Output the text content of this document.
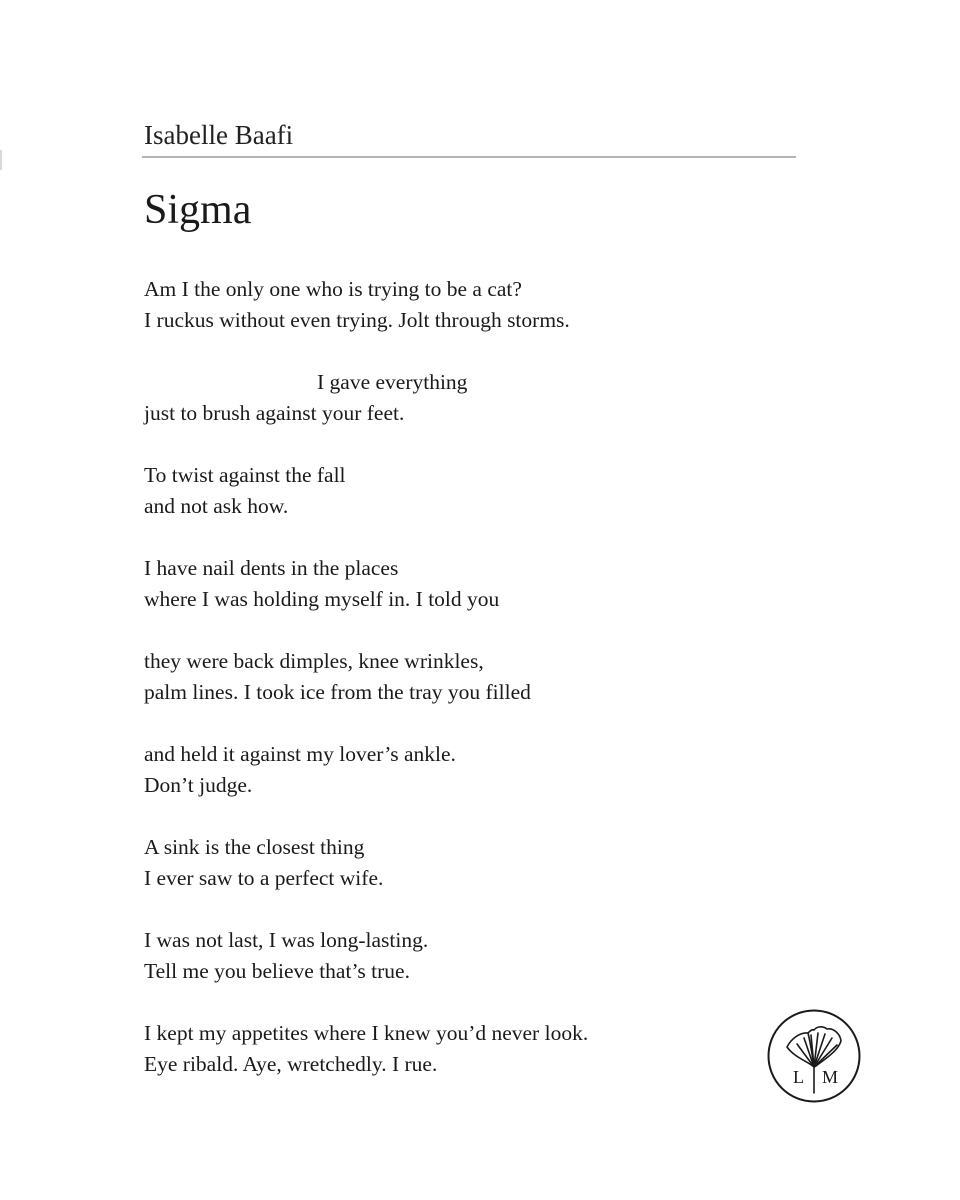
Isabelle Baafi
Sigma
Am I the only one who is trying to be a cat?
I ruckus without even trying. Jolt through storms.
I gave everything
just to brush against your feet.
To twist against the fall
and not ask how.
I have nail dents in the places
where I was holding myself in. I told you
they were back dimples, knee wrinkles,
palm lines. I took ice from the tray you filled
and held it against my lover’s ankle.
Don’t judge.
A sink is the closest thing
I ever saw to a perfect wife.
I was not last, I was long-lasting.
Tell me you believe that’s true.
I kept my appetites where I knew you’d never look.
Eye ribald. Aye, wretchedly. I rue.
L M
